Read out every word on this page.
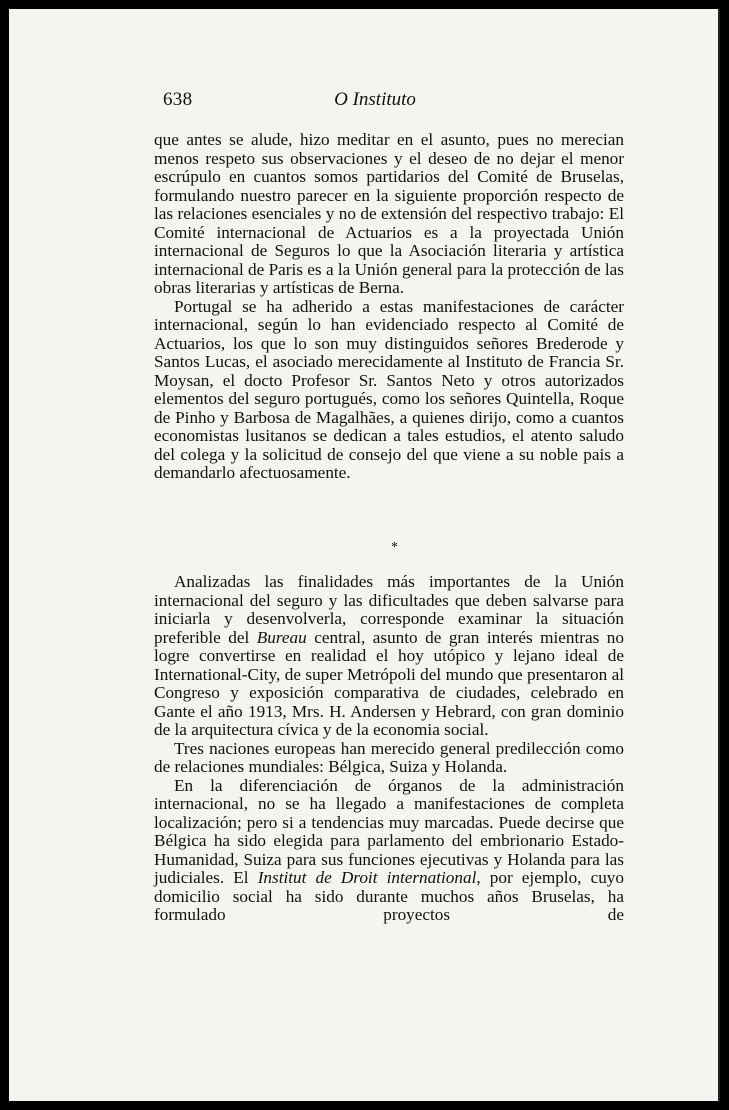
638	O Instituto

que antes se alude, hizo meditar en el asunto, pues no merecian menos respeto sus observaciones y el deseo de no dejar el menor escrúpulo en cuantos somos partidarios del Comité de Bruselas, formulando nuestro parecer en la siguiente proporción respecto de las relaciones esenciales y no de extensión del respectivo trabajo: El Comité internacional de Actuarios es a la proyectada Unión internacional de Seguros lo que la Asociación literaria y artística internacional de Paris es a la Unión general para la protección de las obras literarias y artísticas de Berna.

Portugal se ha adherido a estas manifestaciones de carácter internacional, según lo han evidenciado respecto al Comité de Actuarios, los que lo son muy distinguidos señores Brederode y Santos Lucas, el asociado merecidamente al Instituto de Francia Sr. Moysan, el docto Profesor Sr. Santos Neto y otros autorizados elementos del seguro portugués, como los señores Quintella, Roque de Pinho y Barbosa de Magalhães, a quienes dirijo, como a cuantos economistas lusitanos se dedican a tales estudios, el atento saludo del colega y la solicitud de consejo del que viene a su noble pais a demandarlo afectuosamente.

*

Analizadas las finalidades más importantes de la Unión internacional del seguro y las dificultades que deben salvarse para iniciarla y desenvolverla, corresponde examinar la situación preferible del Bureau central, asunto de gran interés mientras no logre convertirse en realidad el hoy utópico y lejano ideal de International-City, de super Metrópoli del mundo que presentaron al Congreso y exposición comparativa de ciudades, celebrado en Gante el año 1913, Mrs. H. Andersen y Hebrard, con gran dominio de la arquitectura cívica y de la economia social.

Tres naciones europeas han merecido general predilección como de relaciones mundiales: Bélgica, Suiza y Holanda.

En la diferenciación de órganos de la administración internacional, no se ha llegado a manifestaciones de completa localización; pero si a tendencias muy marcadas. Puede decirse que Bélgica ha sido elegida para parlamento del embrionario Estado-Humanidad, Suiza para sus funciones ejecutivas y Holanda para las judiciales. El Institut de Droit international, por ejemplo, cuyo domicilio social ha sido durante muchos años Bruselas, ha formulado proyectos de
